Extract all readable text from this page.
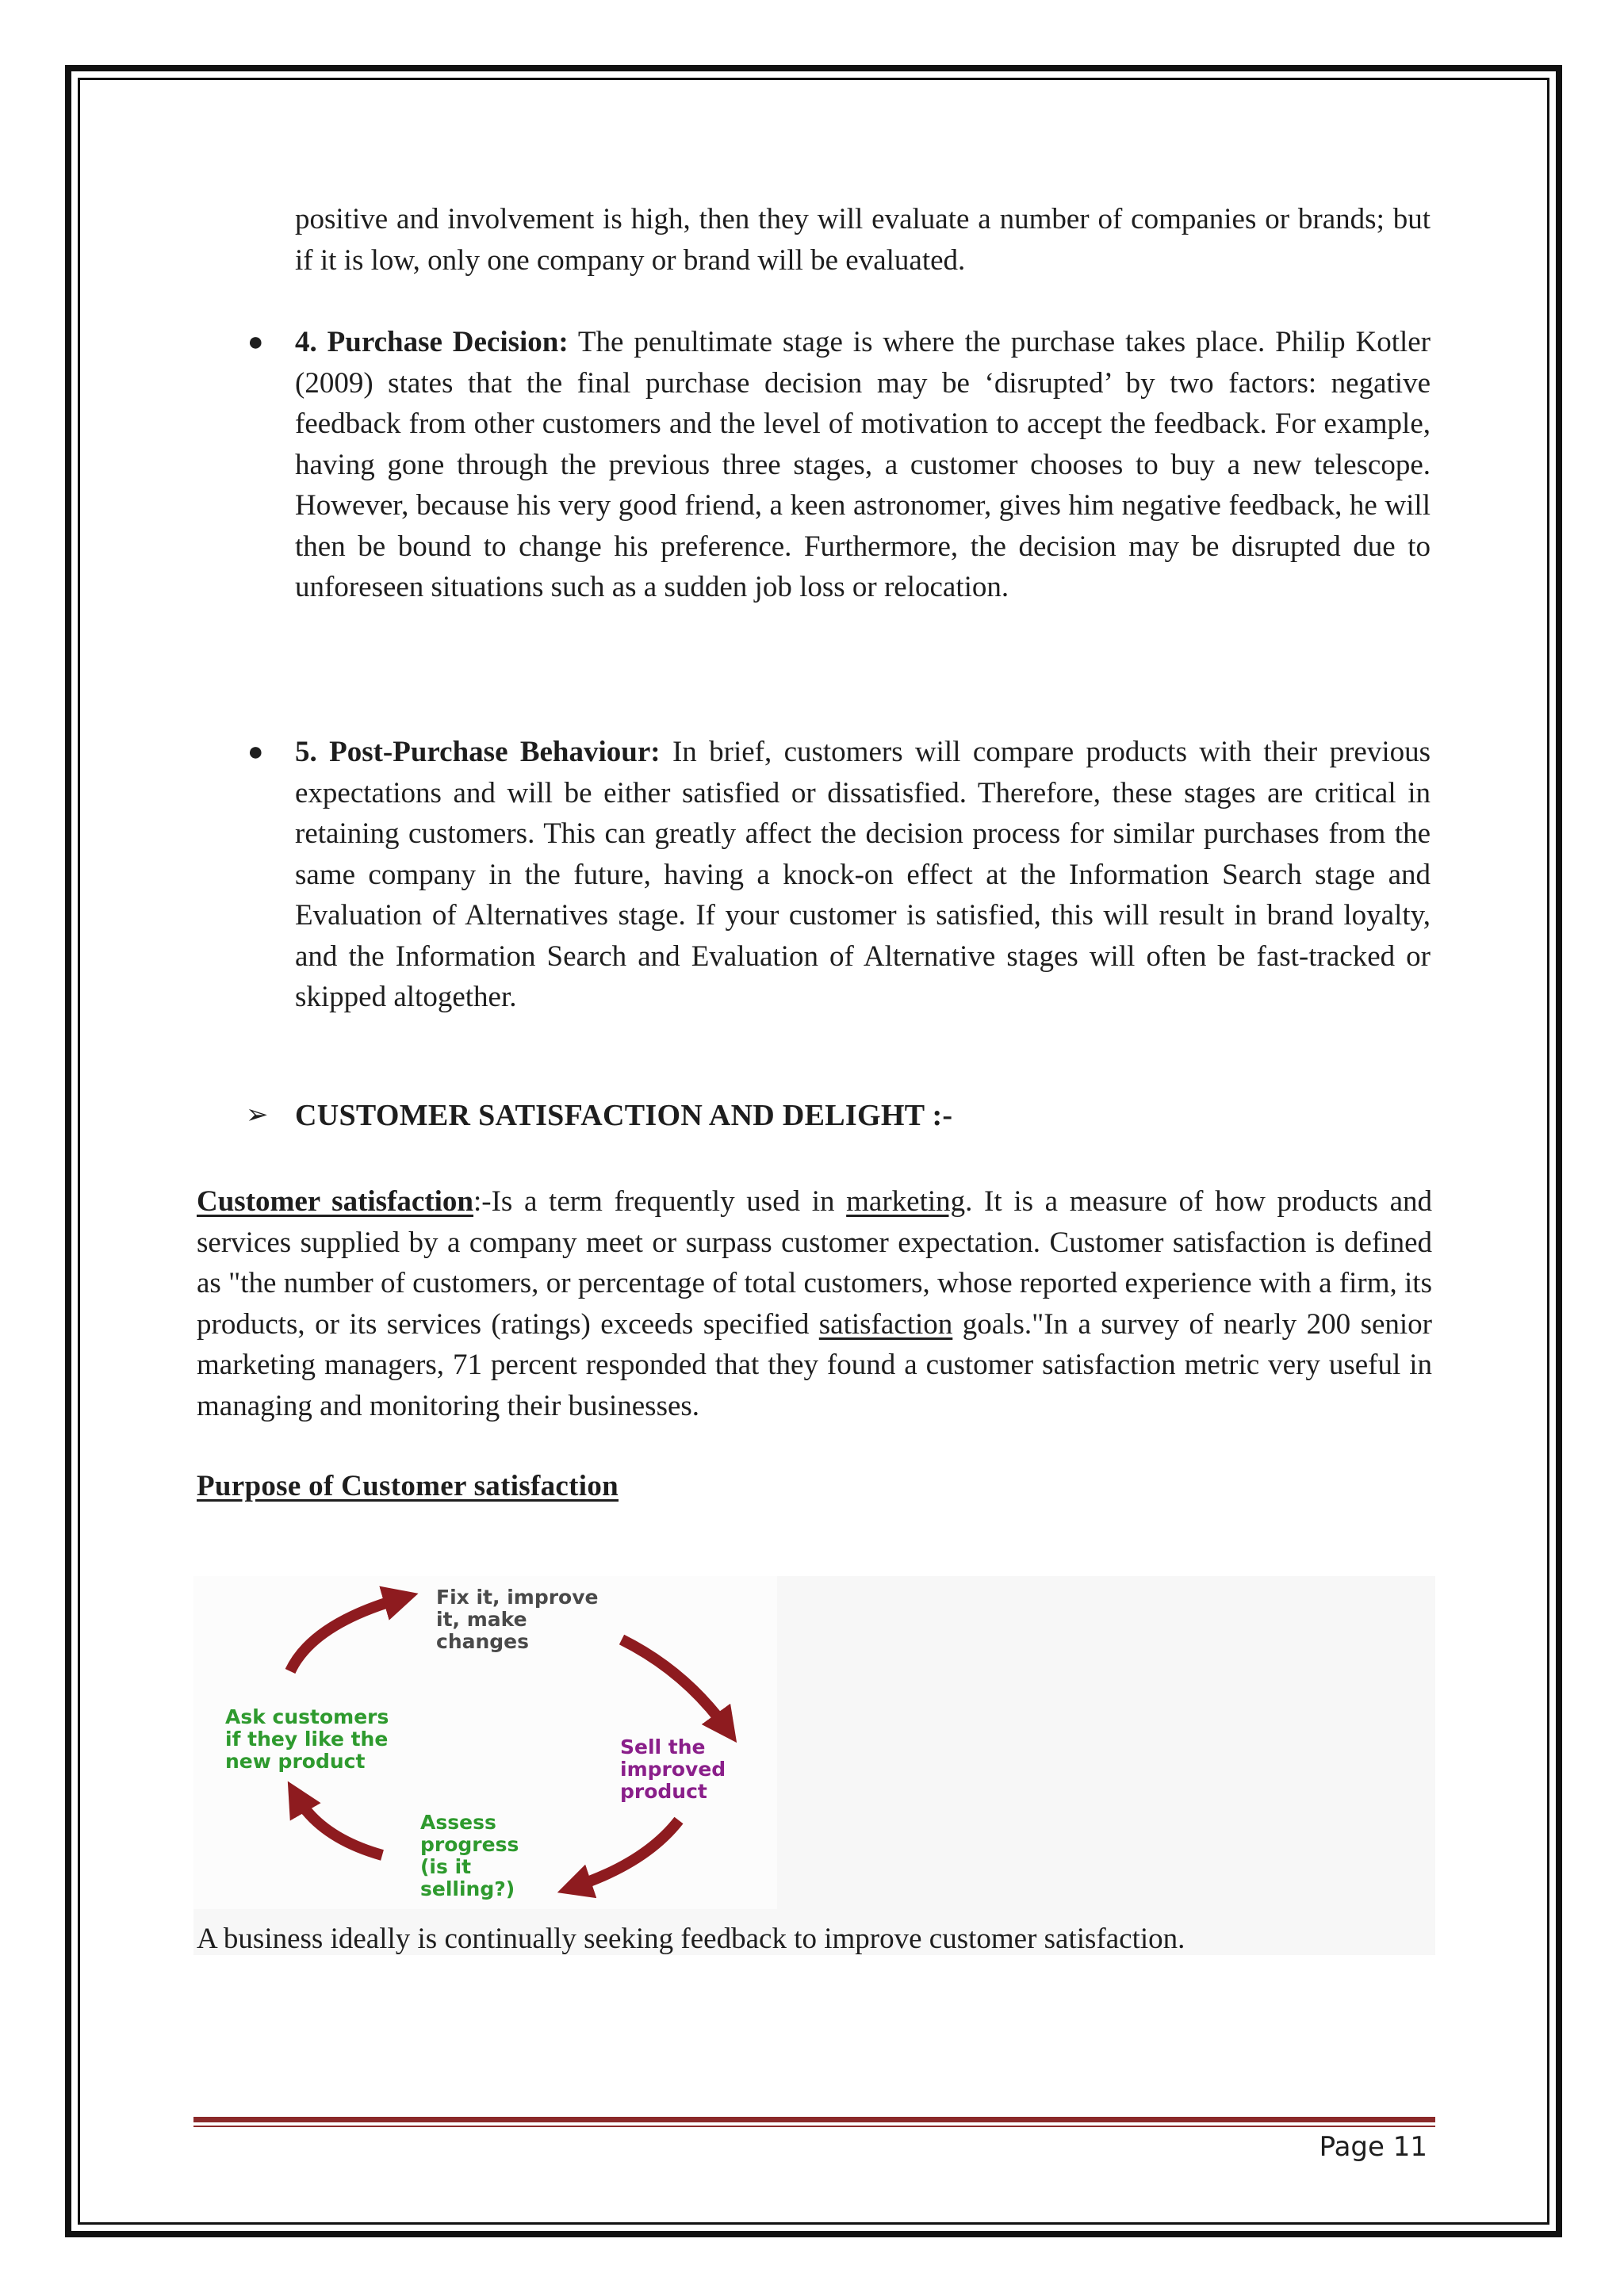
positive and involvement is high, then they will evaluate a number of companies or brands; but if it is low, only one company or brand will be evaluated.

● 4. Purchase Decision: The penultimate stage is where the purchase takes place. Philip Kotler (2009) states that the final purchase decision may be ‘disrupted’ by two factors: negative feedback from other customers and the level of motivation to accept the feedback. For example, having gone through the previous three stages, a customer chooses to buy a new telescope. However, because his very good friend, a keen astronomer, gives him negative feedback, he will then be bound to change his preference. Furthermore, the decision may be disrupted due to unforeseen situations such as a sudden job loss or relocation.

● 5. Post-Purchase Behaviour: In brief, customers will compare products with their previous expectations and will be either satisfied or dissatisfied. Therefore, these stages are critical in retaining customers. This can greatly affect the decision process for similar purchases from the same company in the future, having a knock-on effect at the Information Search stage and Evaluation of Alternatives stage. If your customer is satisfied, this will result in brand loyalty, and the Information Search and Evaluation of Alternative stages will often be fast-tracked or skipped altogether.

➢ CUSTOMER SATISFACTION AND DELIGHT :-

Customer satisfaction:-Is a term frequently used in marketing. It is a measure of how products and services supplied by a company meet or surpass customer expectation. Customer satisfaction is defined as "the number of customers, or percentage of total customers, whose reported experience with a firm, its products, or its services (ratings) exceeds specified satisfaction goals."In a survey of nearly 200 senior marketing managers, 71 percent responded that they found a customer satisfaction metric very useful in managing and monitoring their businesses.

Purpose of Customer satisfaction
Fix it, improve
it, make
changes
Sell the
improved
product
Assess
progress
(is it
selling?)
Ask customers
if they like the
new product
A business ideally is continually seeking feedback to improve customer satisfaction.
Page 11
